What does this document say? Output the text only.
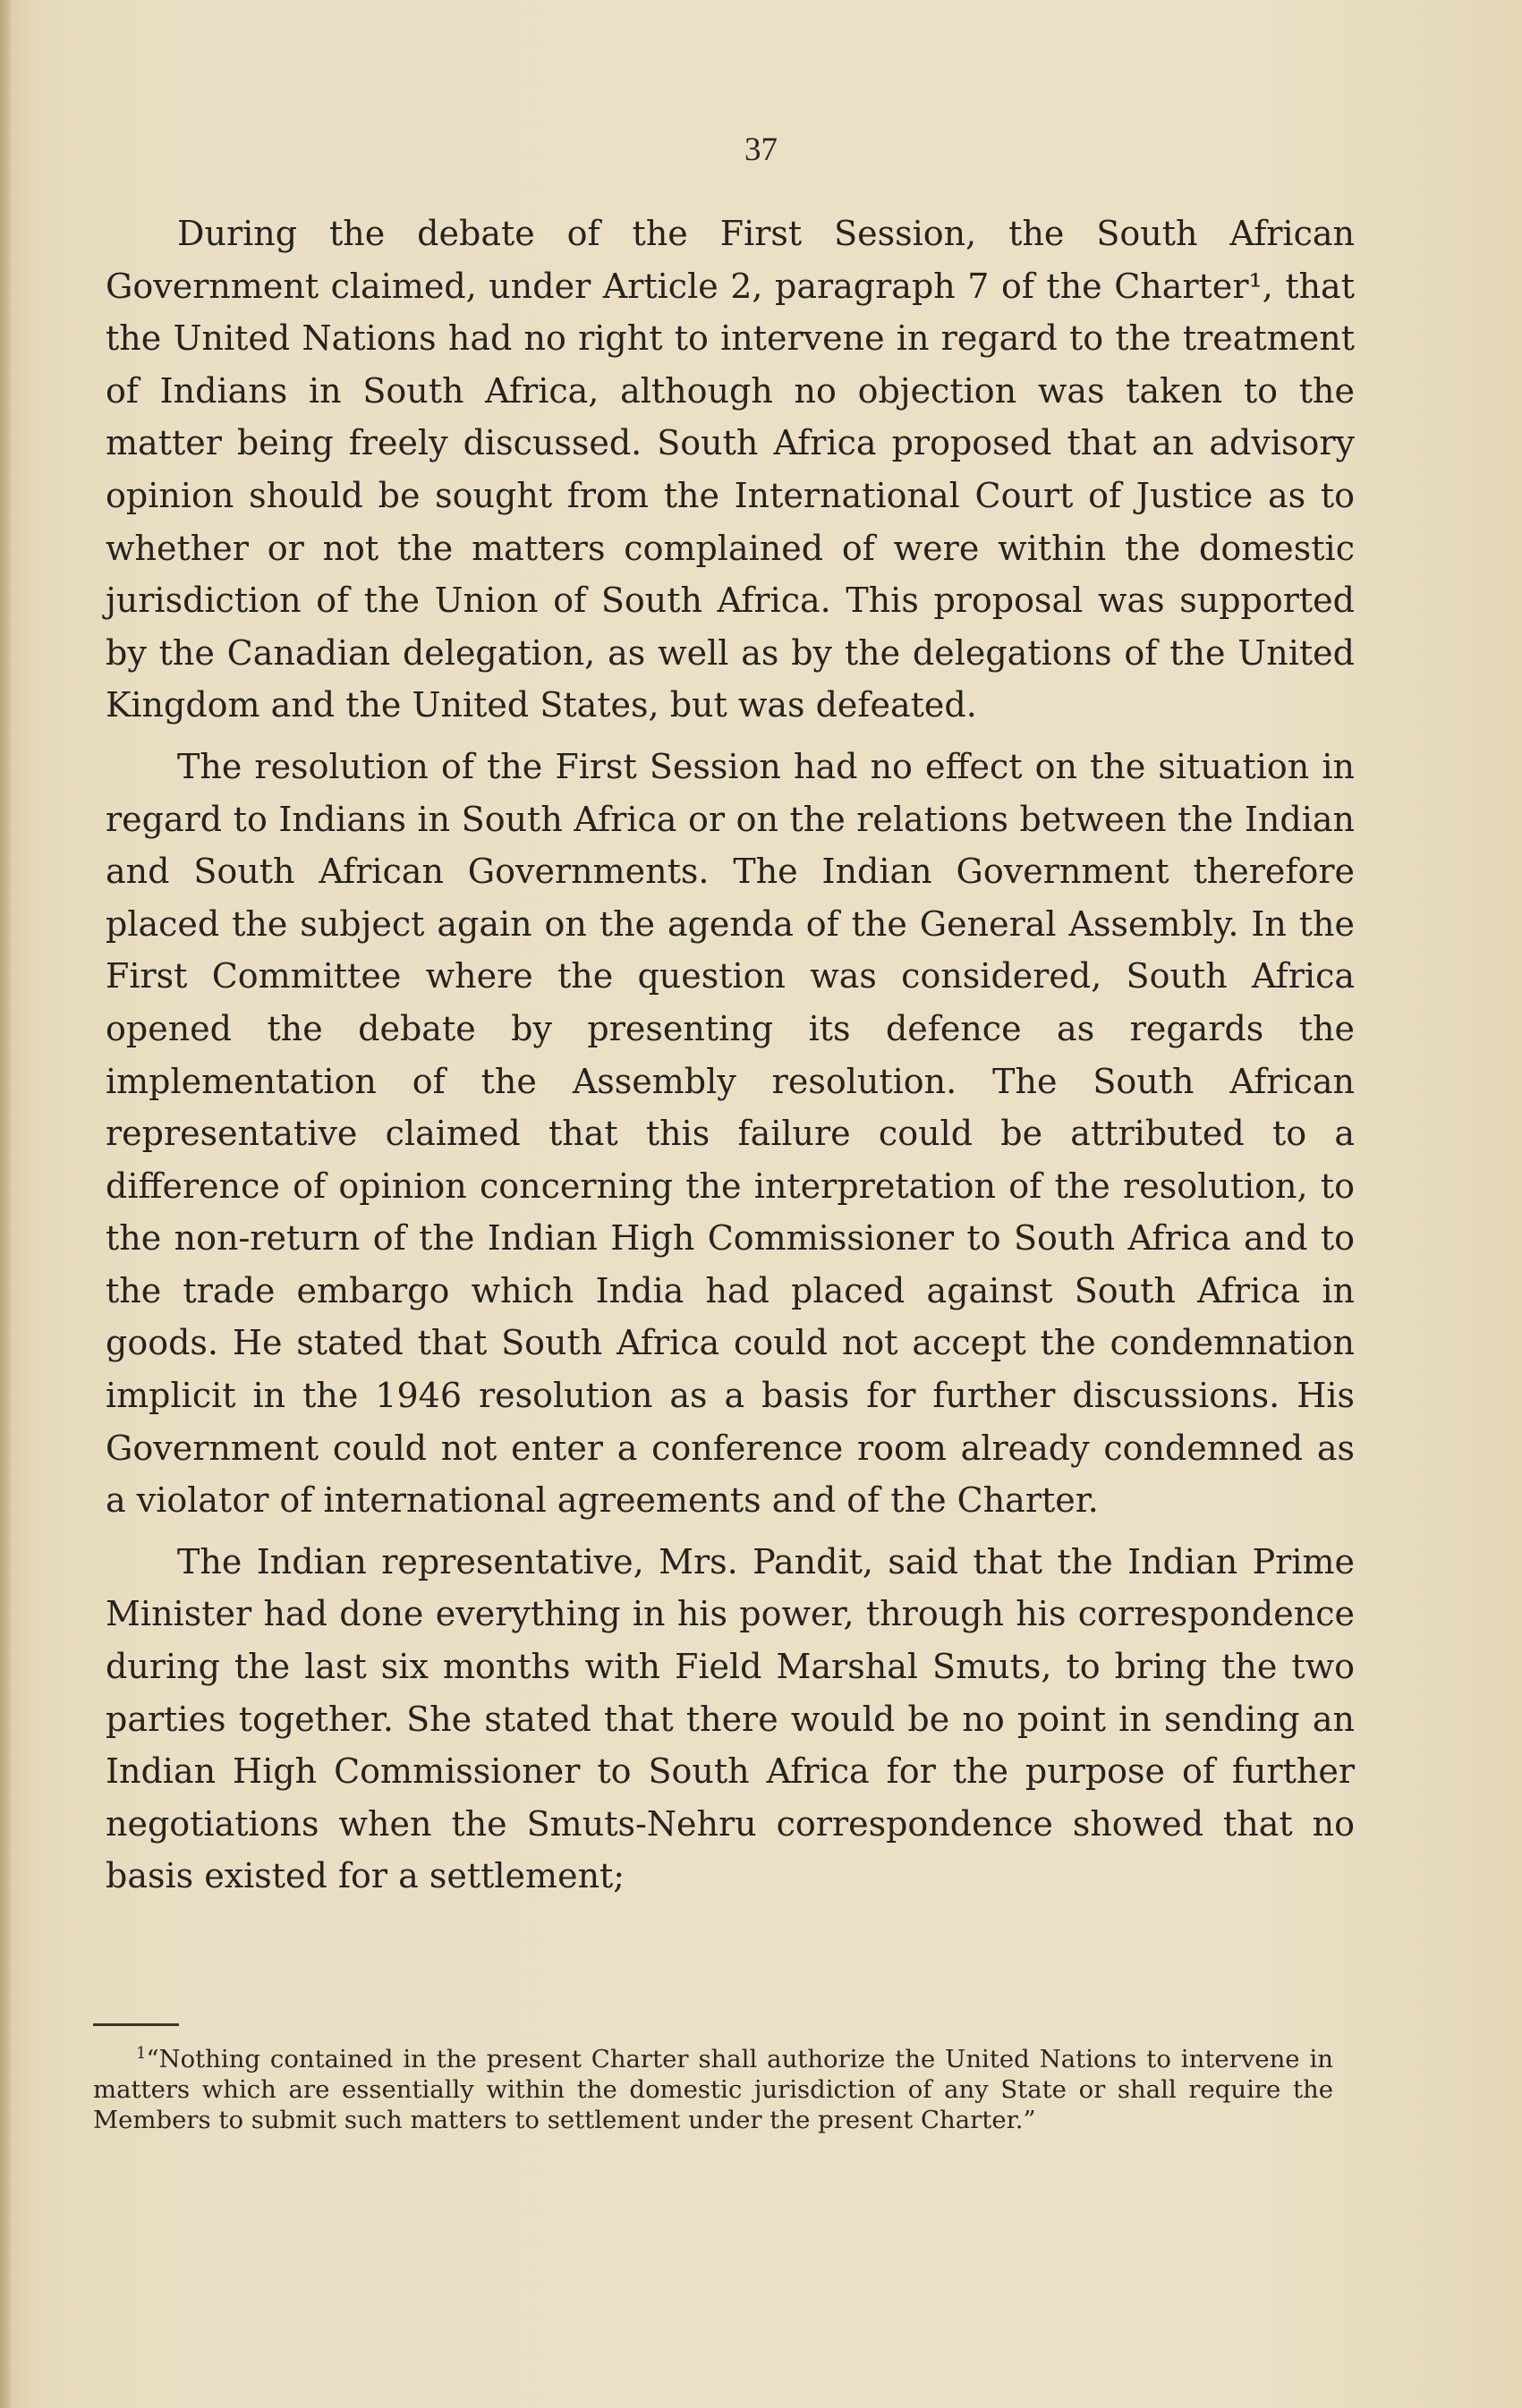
37

During the debate of the First Session, the South African Government claimed, under Article 2, paragraph 7 of the Charter¹, that the United Nations had no right to intervene in regard to the treatment of Indians in South Africa, although no objection was taken to the matter being freely discussed. South Africa proposed that an advisory opinion should be sought from the International Court of Justice as to whether or not the matters complained of were within the domestic jurisdiction of the Union of South Africa. This proposal was supported by the Canadian delegation, as well as by the delegations of the United Kingdom and the United States, but was defeated.

The resolution of the First Session had no effect on the situation in regard to Indians in South Africa or on the relations between the Indian and South African Governments. The Indian Government therefore placed the subject again on the agenda of the General Assembly. In the First Committee where the question was considered, South Africa opened the debate by presenting its defence as regards the implementation of the Assembly resolution. The South African representative claimed that this failure could be attributed to a difference of opinion concerning the interpretation of the resolution, to the non-return of the Indian High Commissioner to South Africa and to the trade embargo which India had placed against South Africa in goods. He stated that South Africa could not accept the condemnation implicit in the 1946 resolution as a basis for further discussions. His Government could not enter a conference room already condemned as a violator of international agreements and of the Charter.

The Indian representative, Mrs. Pandit, said that the Indian Prime Minister had done everything in his power, through his correspondence during the last six months with Field Marshal Smuts, to bring the two parties together. She stated that there would be no point in sending an Indian High Commissioner to South Africa for the purpose of further negotiations when the Smuts-Nehru correspondence showed that no basis existed for a settlement;

$^1$“Nothing contained in the present Charter shall authorize the United Nations to intervene in matters which are essentially within the domestic jurisdiction of any State or shall require the Members to submit such matters to settlement under the present Charter.”
